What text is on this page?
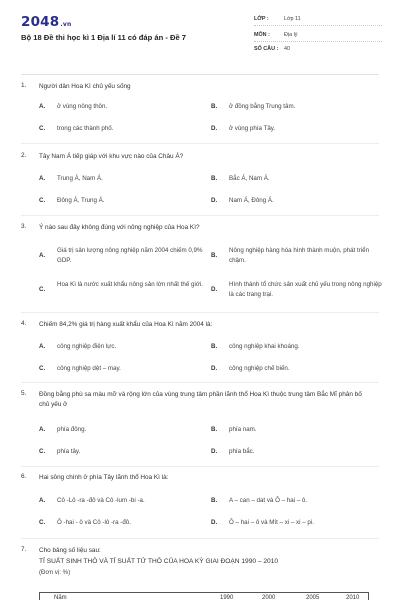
2048.vn
Bộ 18 Đề thi học kì 1 Địa lí 11 có đáp án - Đề 7
LỚP :	Lớp 11
MÔN :	Địa lý
SỐ CÂU : 40
1. Người dân Hoa Kì chủ yếu sống
A. ở vùng nông thôn.	B. ở đồng bằng Trung tâm.
C. trong các thành phố.	D. ở vùng phía Tây.
2. Tây Nam Á tiếp giáp với khu vực nào của Châu Á?
A. Trung Á, Nam Á.	B. Bắc Á, Nam Á.
C. Đông Á, Trung Á.	D. Nam Á, Đông Á.
3. Ý nào sau đây không đúng với nông nghiệp của Hoa Kì?
A.
Giá trị sản lượng nông nghiệp năm 2004 chiếm 0,9% GDP.
B.
Nông nghiệp hàng hóa hình thành muộn, phát triển chậm.
C.
Hoa Kì là nước xuất khẩu nông sản lớn nhất thế giới.
D.
Hình thành tổ chức sản xuất chủ yếu trong nông nghiệp là các trang trại.
4. Chiếm 84,2% giá trị hàng xuất khẩu của Hoa Kì năm 2004 là:
A. công nghiệp điện lực.	B. công nghiệp khai khoáng.
C. công nghiệp dệt – may.	D. công nghiệp chế biến.
5. Đồng bằng phù sa màu mỡ và rộng lớn của vùng trung tâm phần lãnh thổ Hoa Kì thuộc trung tâm Bắc Mĩ phân bố chủ yếu ở
A. phía đông.	B. phía nam.
C. phía tây.	D. phía bắc.
6. Hai sông chính ở phía Tây lãnh thổ Hoa Kì là:
A. Cô -Lô -ra -đô và Cô -lum -bi -a.	B. A – can – dat và Ô – hai – ô.
C. Ô -hai - ô và Cô -lô -ra -đô.	D. Ô – hai – ô và Mít – xi – xi – pi.
7. Cho bảng số liệu sau:
TỈ SUẤT SINH THÔ VÀ TỈ SUẤT TỬ THÔ CỦA HOA KỲ GIAI ĐOẠN 1990 – 2010
(Đơn vị: %)
Năm	1990	2000	2005	2010
